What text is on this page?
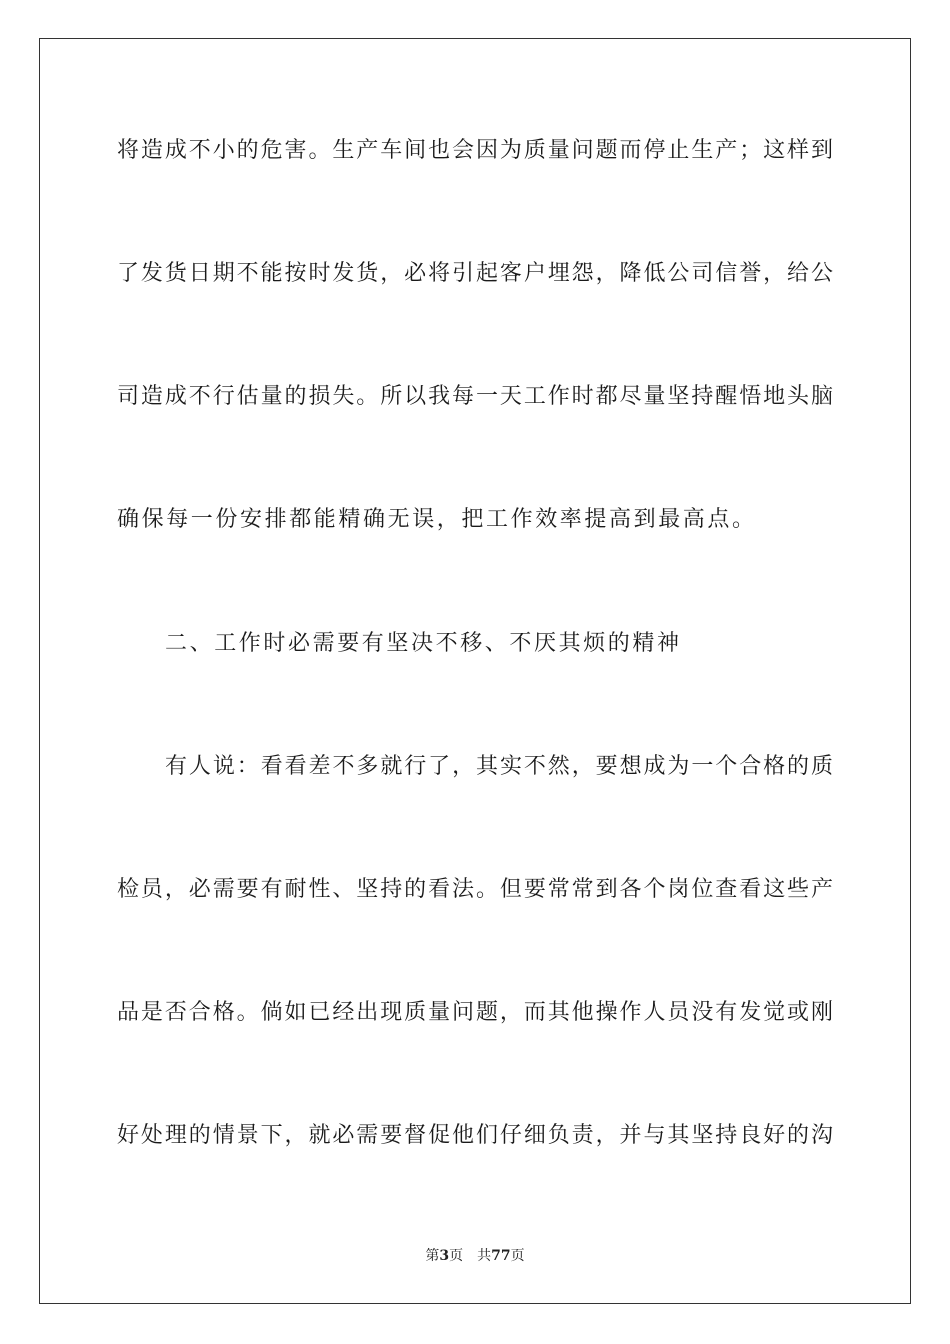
将造成不小的危害。生产车间也会因为质量问题而停止生产；这样到
了发货日期不能按时发货，必将引起客户埋怨，降低公司信誉，给公
司造成不行估量的损失。所以我每一天工作时都尽量坚持醒悟地头脑
确保每一份安排都能精确无误，把工作效率提高到最高点。
二、工作时必需要有坚决不移、不厌其烦的精神
有人说：看看差不多就行了，其实不然，要想成为一个合格的质
检员，必需要有耐性、坚持的看法。但要常常到各个岗位查看这些产
品是否合格。倘如已经出现质量问题，而其他操作人员没有发觉或刚
好处理的情景下，就必需要督促他们仔细负责，并与其坚持良好的沟
第3页 共77页
